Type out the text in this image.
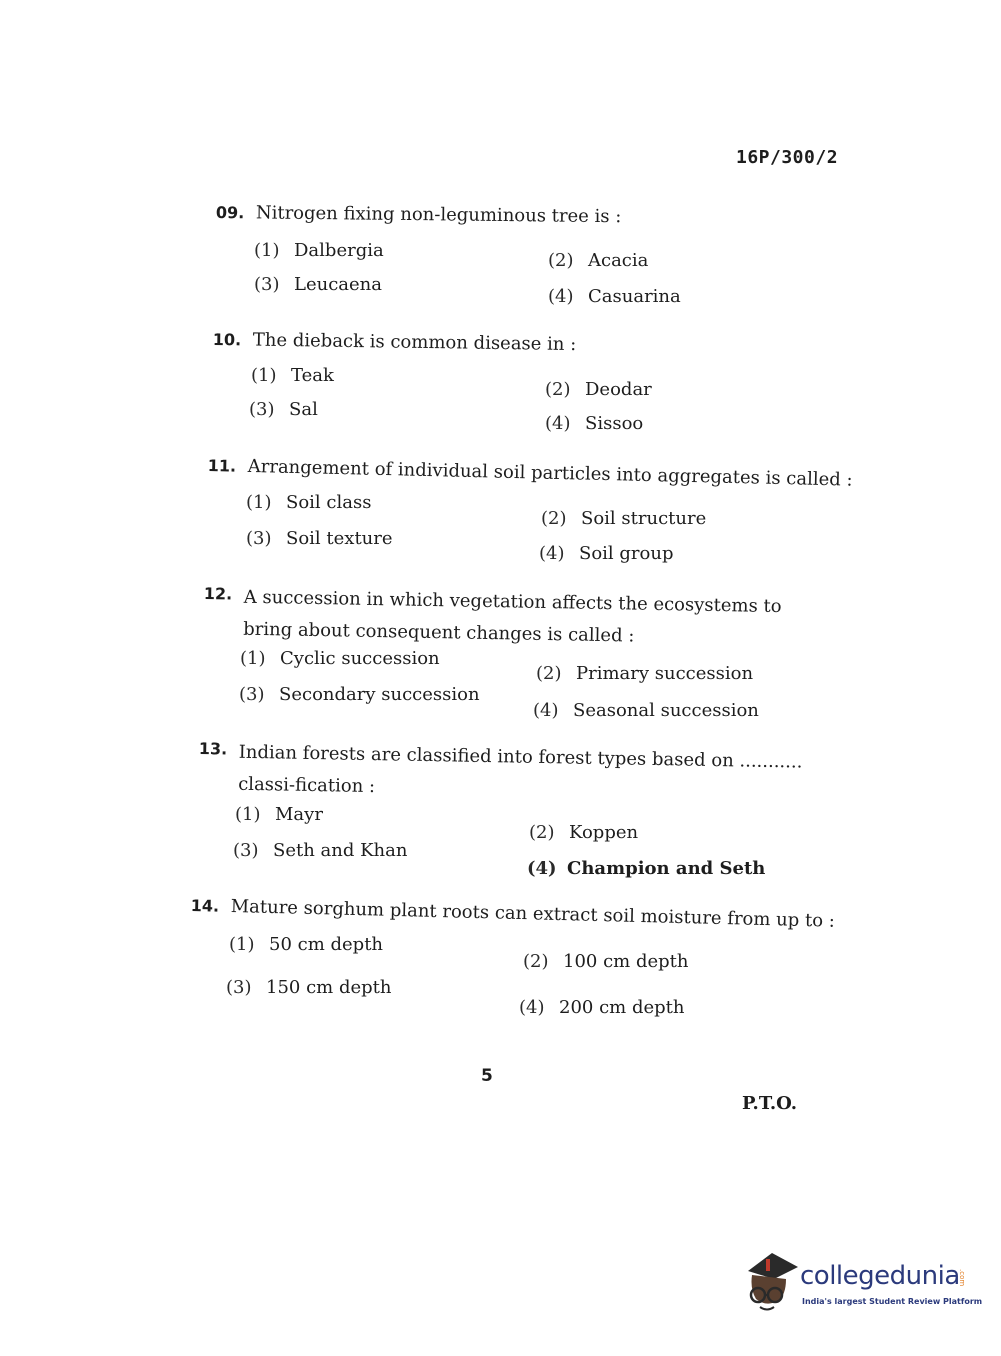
16P/300/2
09. Nitrogen fixing non-leguminous tree is :
(1) Dalbergia	(2) Acacia
(3) Leucaena
(4) Casuarina
10. The dieback is common disease in :
(1) Teak
(2) Deodar
(3) Sal
(4) Sissoo
11. Arrangement of individual soil particles into aggregates is called :
(1) Soil class
(2) Soil structure
(3) Soil texture
(4) Soil group
12. A succession in which vegetation affects the ecosystems to bring about consequent changes is called :
(1) Cyclic succession
(2) Primary succession
(3) Secondary succession
(4) Seasonal succession
13. Indian forests are classified into forest types based on ........... classi-fication :
(1) Mayr
(2) Koppen
(3) Seth and Khan
(4) Champion and Seth
14. Mature sorghum plant roots can extract soil moisture from up to :
(1) 50 cm depth
(2) 100 cm depth
(3) 150 cm depth
(4) 200 cm depth
5
P.T.O.
collegedunia
.com
India's largest Student Review Platform
